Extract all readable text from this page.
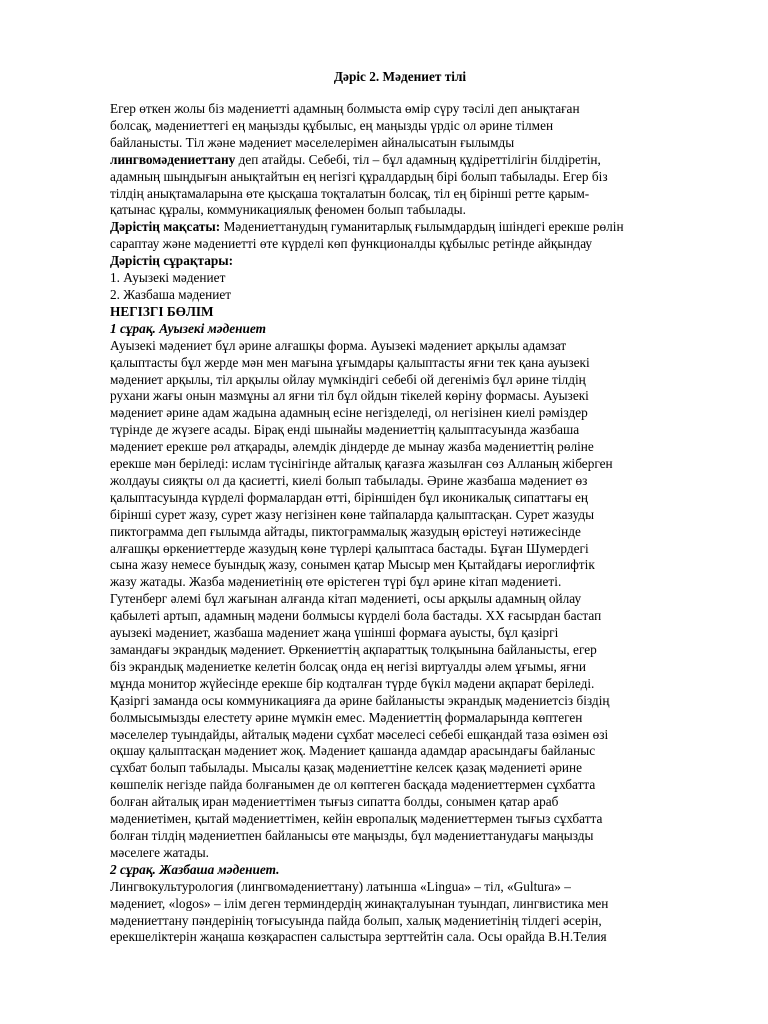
Дәріс 2. Мәдениет тілі

Егер өткен жолы біз мәдениетті адамның болмыста өмір сүру тәсілі деп анықтаған
болсақ, мәдениеттегі ең маңызды құбылыс, ең маңызды үрдіс ол әрине тілмен
байланысты. Тіл және мәдениет мәселелерімен айналысатын ғылымды
лингвомәдениеттану деп атайды. Себебі, тіл – бұл адамның құдіреттілігін білдіретін,
адамның шыңдығын анықтайтын ең негізгі құралдардың бірі болып табылады. Егер біз
тілдің анықтамаларына өте қысқаша тоқталатын болсақ, тіл ең бірінші ретте қарым-
қатынас құралы, коммуникациялық феномен болып табылады.

Дәрістің мақсаты: Мәдениеттанудың гуманитарлық ғылымдардың ішіндегі ерекше рөлін
сараптау және мәдениетті өте күрделі көп функционалды құбылыс ретінде айқындау

Дәрістің сұрақтары:

1. Ауызекі мәдениет

2. Жазбаша мәдениет

НЕГІЗГІ БӨЛІМ

1 сұрақ. Ауызекі мәдениет

Ауызекі мәдениет бұл әрине алғашқы форма. Ауызекі мәдениет арқылы адамзат
қалыптасты бұл жерде мән мен мағына ұғымдары қалыптасты яғни тек қана ауызекі
мәдениет арқылы, тіл арқылы ойлау мүмкіндігі себебі ой дегеніміз бұл әрине тілдің
рухани жағы онын мазмұны ал яғни тіл бұл ойдын тікелей көріну формасы. Ауызекі
мәдениет әрине адам жадына адамның есіне негізделеді, ол негізінен киелі рәміздер
түрінде де жүзеге асады. Бірақ енді шынайы мәдениеттің қалыптасуында жазбаша
мәдениет ерекше рөл атқарады, әлемдік діндерде де мынау жазба мәдениеттің рөліне
ерекше мән беріледі: ислам түсінігінде айталық қағазға жазылған сөз Алланың жіберген
жолдауы сияқты ол да қасиетті, киелі болып табылады. Әрине жазбаша мәдениет өз
қалыптасуында күрделі формалардан өтті, біріншіден бұл иконикалық сипаттағы ең
бірінші сурет жазу, сурет жазу негізінен көне тайпаларда қалыптасқан. Сурет жазуды
пиктограмма деп ғылымда айтады, пиктограммалық жазудың өрістеуі нәтижесінде
алғашқы өркениеттерде жазудың көне түрлері қалыптаса бастады. Бұған Шумердегі
сына жазу немесе буындық жазу, сонымен қатар Мысыр мен Қытайдағы иероглифтік
жазу жатады. Жазба мәдениетінің өте өрістеген түрі бұл әрине кітап мәдениеті.
Гутенберг әлемі бұл жағынан алғанда кітап мәдениеті, осы арқылы адамның ойлау
қабылеті артып, адамның мәдени болмысы күрделі бола бастады. XX ғасырдан бастап
ауызекі мәдениет, жазбаша мәдениет жаңа үшінші формаға ауысты, бұл қазіргі
замандағы экрандық мәдениет. Өркениеттің ақпараттық толқынына байланысты, егер
біз экрандық мәдениетке келетін болсақ онда ең негізі виртуалды әлем ұғымы, яғни
мұнда монитор жүйесінде ерекше бір кодталған түрде бүкіл мәдени ақпарат беріледі.
Қазіргі заманда осы коммуникацияға да әрине байланысты экрандық мәдениетсіз біздің
болмысымызды елестету әрине мүмкін емес. Мәдениеттің формаларында көптеген
мәселелер туындайды, айталық мәдени сұхбат мәселесі себебі ешқандай таза өзімен өзі
оқшау қалыптасқан мәдениет жоқ. Мәдениет қашанда адамдар арасындағы байланыс
сұхбат болып табылады. Мысалы қазақ мәдениеттіне келсек қазақ мәдениеті әрине
көшпелік негізде пайда болғанымен де ол көптеген басқада мәдениеттермен сұхбатта
болған айталық иран мәдениеттімен тығыз сипатта болды, сонымен қатар араб
мәдениетімен, қытай мәдениеттімен, кейін европалық мәдениеттермен тығыз сұхбатта
болған тілдің мәдениетпен байланысы өте маңызды, бұл мәдениеттанудағы маңызды
мәселеге жатады.

2 сұрақ. Жазбаша мәдениет.

Лингвокультурология (лингвомәдениеттану) латынша «Lingua» – тіл, «Gultura» –
мәдениет, «logos» – ілім деген терминдердің жинақталуынан туындап, лингвистика мен
мәдениеттану пәндерінің тоғысуында пайда болып, халық мәдениетінің тілдегі әсерін,
ерекшеліктерін жаңаша көзқараспен салыстыра зерттейтін сала. Осы орайда В.Н.Телия
